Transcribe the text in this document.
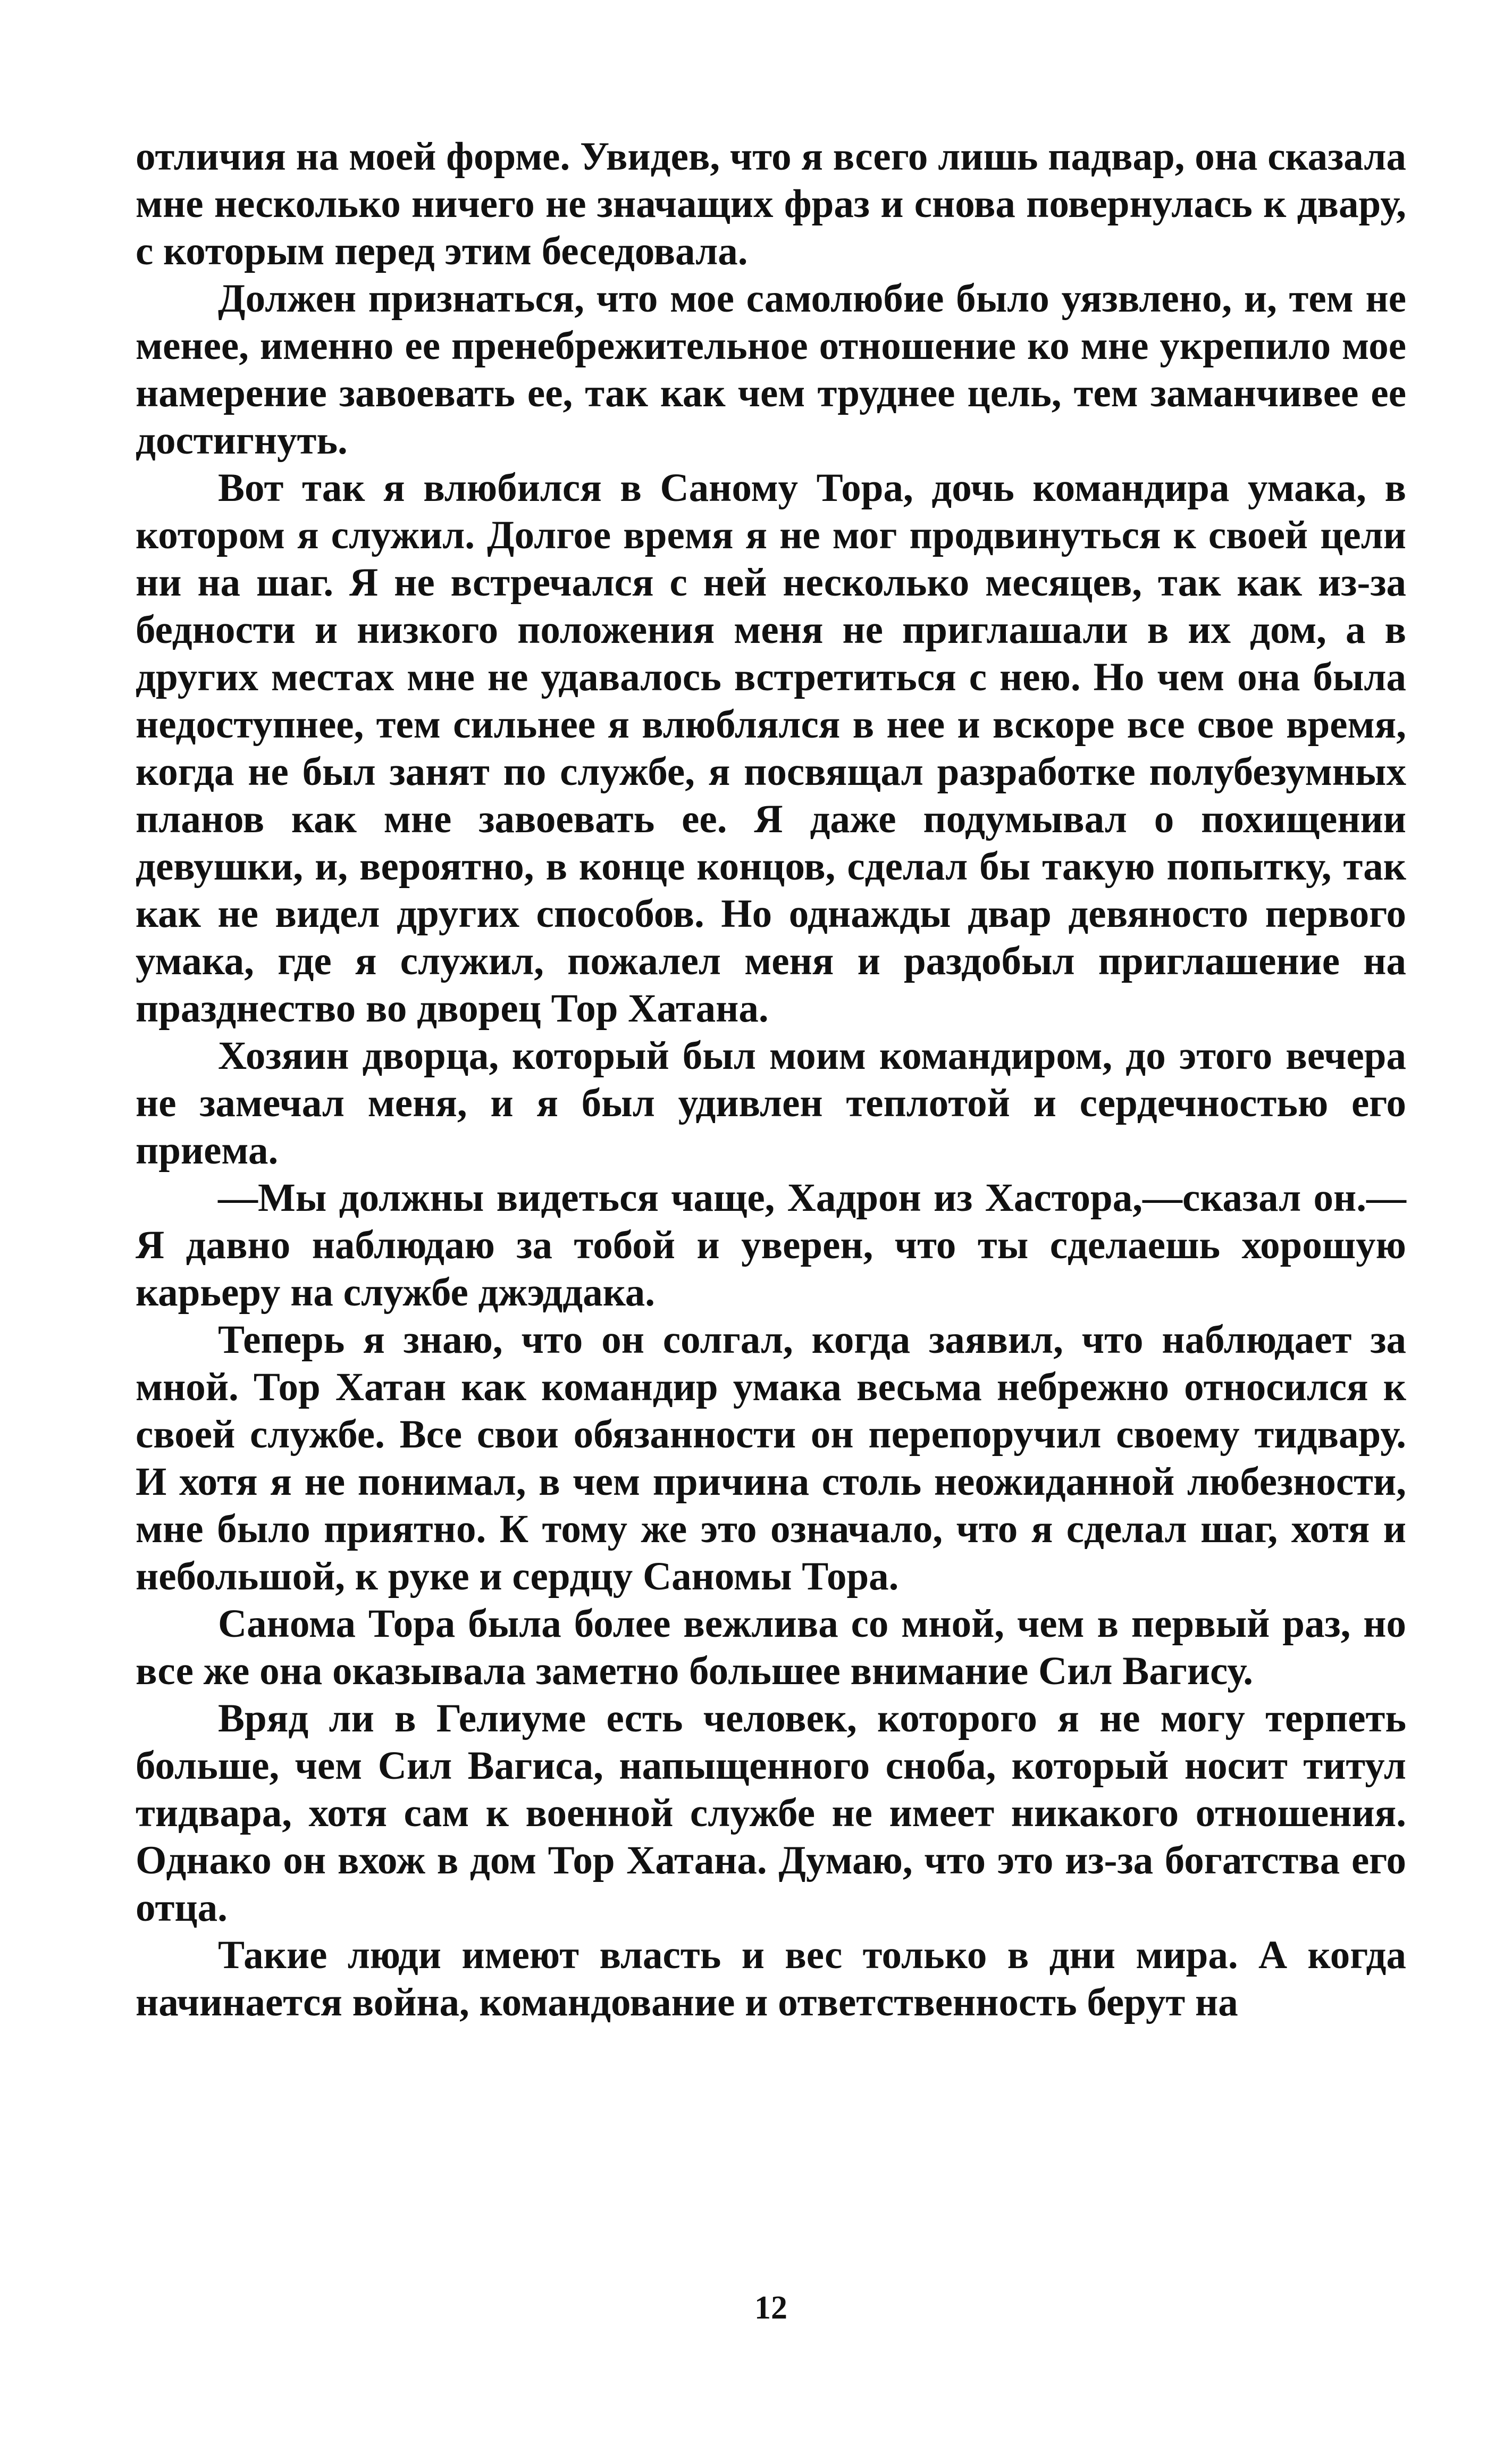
отличия на моей форме. Увидев, что я всего лишь падвар, она сказала мне несколько ничего не значащих фраз и снова повернулась к двару, с которым перед этим беседовала.

Должен признаться, что мое самолюбие было уязвлено, и, тем не менее, именно ее пренебрежительное отношение ко мне укрепило мое намерение завоевать ее, так как чем труднее цель, тем заманчивее ее достигнуть.

Вот так я влюбился в Саному Тора, дочь командира умака, в котором я служил. Долгое время я не мог продвинуться к своей цели ни на шаг. Я не встречался с ней несколько месяцев, так как из-за бедности и низкого положения меня не приглашали в их дом, а в других местах мне не удавалось встретиться с нею. Но чем она была недоступнее, тем сильнее я влюблялся в нее и вскоре все свое время, когда не был занят по службе, я посвящал разработке полубезумных планов как мне завоевать ее. Я даже подумывал о похищении девушки, и, вероятно, в конце концов, сделал бы такую попытку, так как не видел других способов. Но однажды двар девяносто первого умака, где я служил, пожалел меня и раздобыл приглашение на празднество во дворец Тор Хатана.

Хозяин дворца, который был моим командиром, до этого вечера не замечал меня, и я был удивлен теплотой и сердечностью его приема.

—Мы должны видеться чаще, Хадрон из Хастора,—сказал он.—Я давно наблюдаю за тобой и уверен, что ты сделаешь хорошую карьеру на службе джэддака.

Теперь я знаю, что он солгал, когда заявил, что наблюдает за мной. Тор Хатан как командир умака весьма небрежно относился к своей службе. Все свои обязанности он перепоручил своему тидвару. И хотя я не понимал, в чем причина столь неожиданной любезности, мне было приятно. К тому же это означало, что я сделал шаг, хотя и небольшой, к руке и сердцу Саномы Тора.

Санома Тора была более вежлива со мной, чем в первый раз, но все же она оказывала заметно большее внимание Сил Вагису.

Вряд ли в Гелиуме есть человек, которого я не могу терпеть больше, чем Сил Вагиса, напыщенного сноба, который носит титул тидвара, хотя сам к военной службе не имеет никакого отношения. Однако он вхож в дом Тор Хатана. Думаю, что это из-за богатства его отца.

Такие люди имеют власть и вес только в дни мира. А когда начинается война, командование и ответственность берут на

12
